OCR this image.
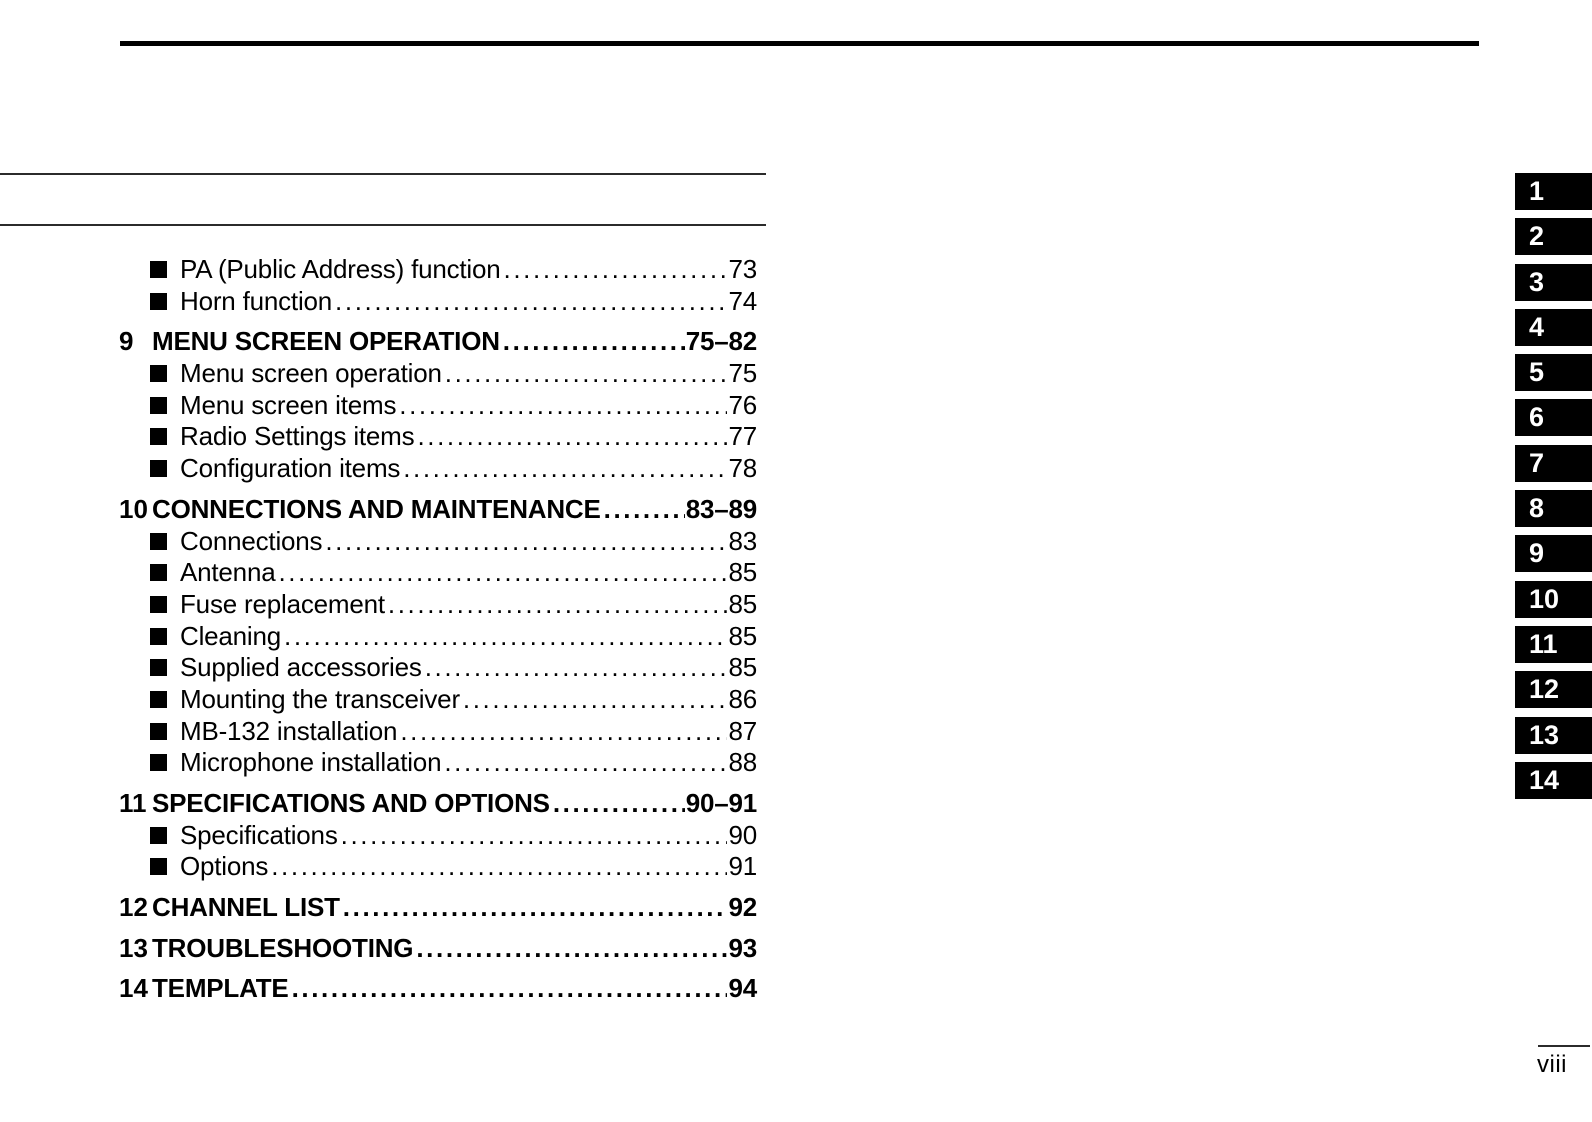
PA (Public Address) function .....	73
Horn function .....	74
9 MENU SCREEN OPERATION .....	75–82
Menu screen operation .....	75
Menu screen items .....	76
Radio Settings items .....	77
Configuration items .....	78
10 CONNECTIONS AND MAINTENANCE .....	83–89
Connections .....	83
Antenna .....	85
Fuse replacement .....	85
Cleaning .....	85
Supplied accessories .....	85
Mounting the transceiver .....	86
MB-132 installation .....	87
Microphone installation .....	88
11 SPECIFICATIONS AND OPTIONS .....	90–91
Specifications .....	90
Options .....	91
12 CHANNEL LIST .....	92
13 TROUBLESHOOTING .....	93
14 TEMPLATE .....	94
1
2
3
4
5
6
7
8
9
10
11
12
13
14
viii
